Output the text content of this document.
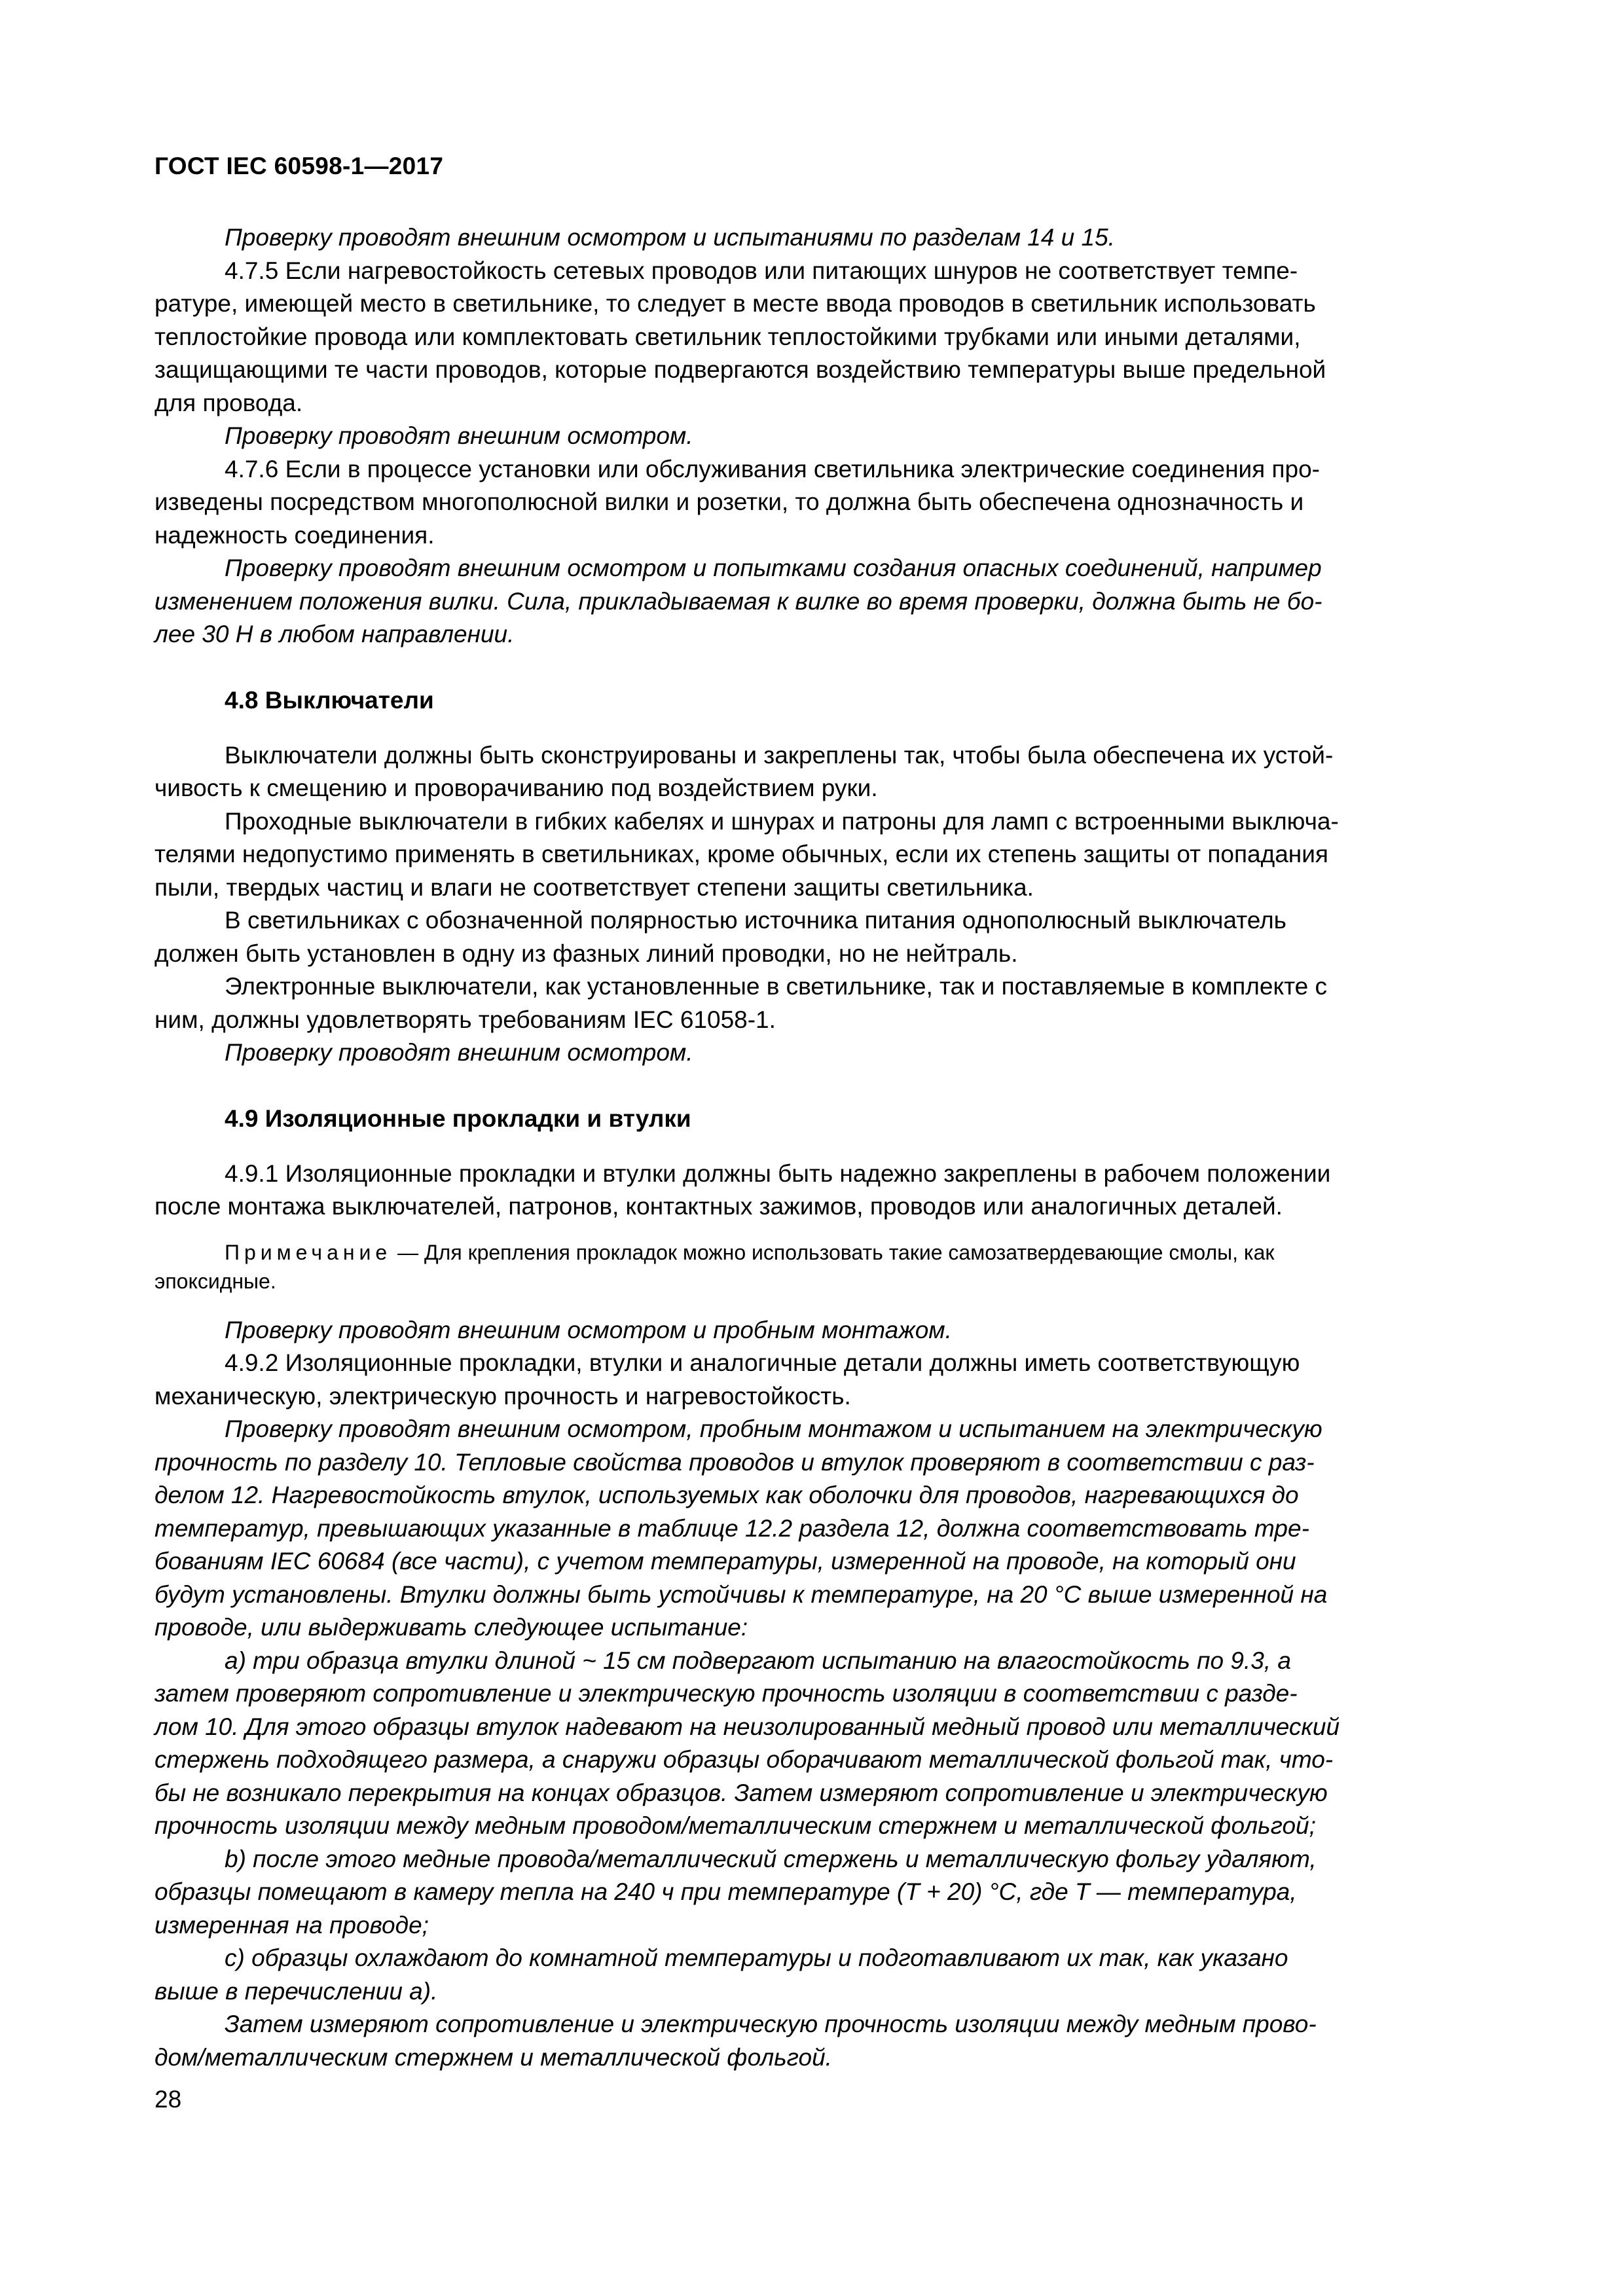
ГОСТ IEC 60598-1—2017

Проверку проводят внешним осмотром и испытаниями по разделам 14 и 15.

4.7.5 Если нагревостойкость сетевых проводов или питающих шнуров не соответствует темпе-
ратуре, имеющей место в светильнике, то следует в месте ввода проводов в светильник использовать
теплостойкие провода или комплектовать светильник теплостойкими трубками или иными деталями,
защищающими те части проводов, которые подвергаются воздействию температуры выше предельной
для провода.

Проверку проводят внешним осмотром.

4.7.6 Если в процессе установки или обслуживания светильника электрические соединения про-
изведены посредством многополюсной вилки и розетки, то должна быть обеспечена однозначность и
надежность соединения.

Проверку проводят внешним осмотром и попытками создания опасных соединений, например
изменением положения вилки. Сила, прикладываемая к вилке во время проверки, должна быть не бо-
лее 30 Н в любом направлении.

4.8 Выключатели

Выключатели должны быть сконструированы и закреплены так, чтобы была обеспечена их устой-
чивость к смещению и проворачиванию под воздействием руки.

Проходные выключатели в гибких кабелях и шнурах и патроны для ламп с встроенными выключа-
телями недопустимо применять в светильниках, кроме обычных, если их степень защиты от попадания
пыли, твердых частиц и влаги не соответствует степени защиты светильника.

В светильниках с обозначенной полярностью источника питания однополюсный выключатель
должен быть установлен в одну из фазных линий проводки, но не нейтраль.

Электронные выключатели, как установленные в светильнике, так и поставляемые в комплекте с
ним, должны удовлетворять требованиям IEC 61058-1.

Проверку проводят внешним осмотром.

4.9 Изоляционные прокладки и втулки

4.9.1 Изоляционные прокладки и втулки должны быть надежно закреплены в рабочем положении
после монтажа выключателей, патронов, контактных зажимов, проводов или аналогичных деталей.

Примечание — Для крепления прокладок можно использовать такие самозатвердевающие смолы, как
эпоксидные.

Проверку проводят внешним осмотром и пробным монтажом.

4.9.2 Изоляционные прокладки, втулки и аналогичные детали должны иметь соответствующую
механическую, электрическую прочность и нагревостойкость.

Проверку проводят внешним осмотром, пробным монтажом и испытанием на электрическую
прочность по разделу 10. Тепловые свойства проводов и втулок проверяют в соответствии с раз-
делом 12. Нагревостойкость втулок, используемых как оболочки для проводов, нагревающихся до
температур, превышающих указанные в таблице 12.2 раздела 12, должна соответствовать тре-
бованиям IEC 60684 (все части), с учетом температуры, измеренной на проводе, на который они
будут установлены. Втулки должны быть устойчивы к температуре, на 20 °С выше измеренной на
проводе, или выдерживать следующее испытание:

a) три образца втулки длиной ~ 15 см подвергают испытанию на влагостойкость по 9.3, а
затем проверяют сопротивление и электрическую прочность изоляции в соответствии с разде-
лом 10. Для этого образцы втулок надевают на неизолированный медный провод или металлический
стержень подходящего размера, а снаружи образцы оборачивают металлической фольгой так, что-
бы не возникало перекрытия на концах образцов. Затем измеряют сопротивление и электрическую
прочность изоляции между медным проводом/металлическим стержнем и металлической фольгой;

b) после этого медные провода/металлический стержень и металлическую фольгу удаляют,
образцы помещают в камеру тепла на 240 ч при температуре (T + 20) °С, где Т — температура,
измеренная на проводе;

c) образцы охлаждают до комнатной температуры и подготавливают их так, как указано
выше в перечислении а).

Затем измеряют сопротивление и электрическую прочность изоляции между медным прово-
дом/металлическим стержнем и металлической фольгой.

28
